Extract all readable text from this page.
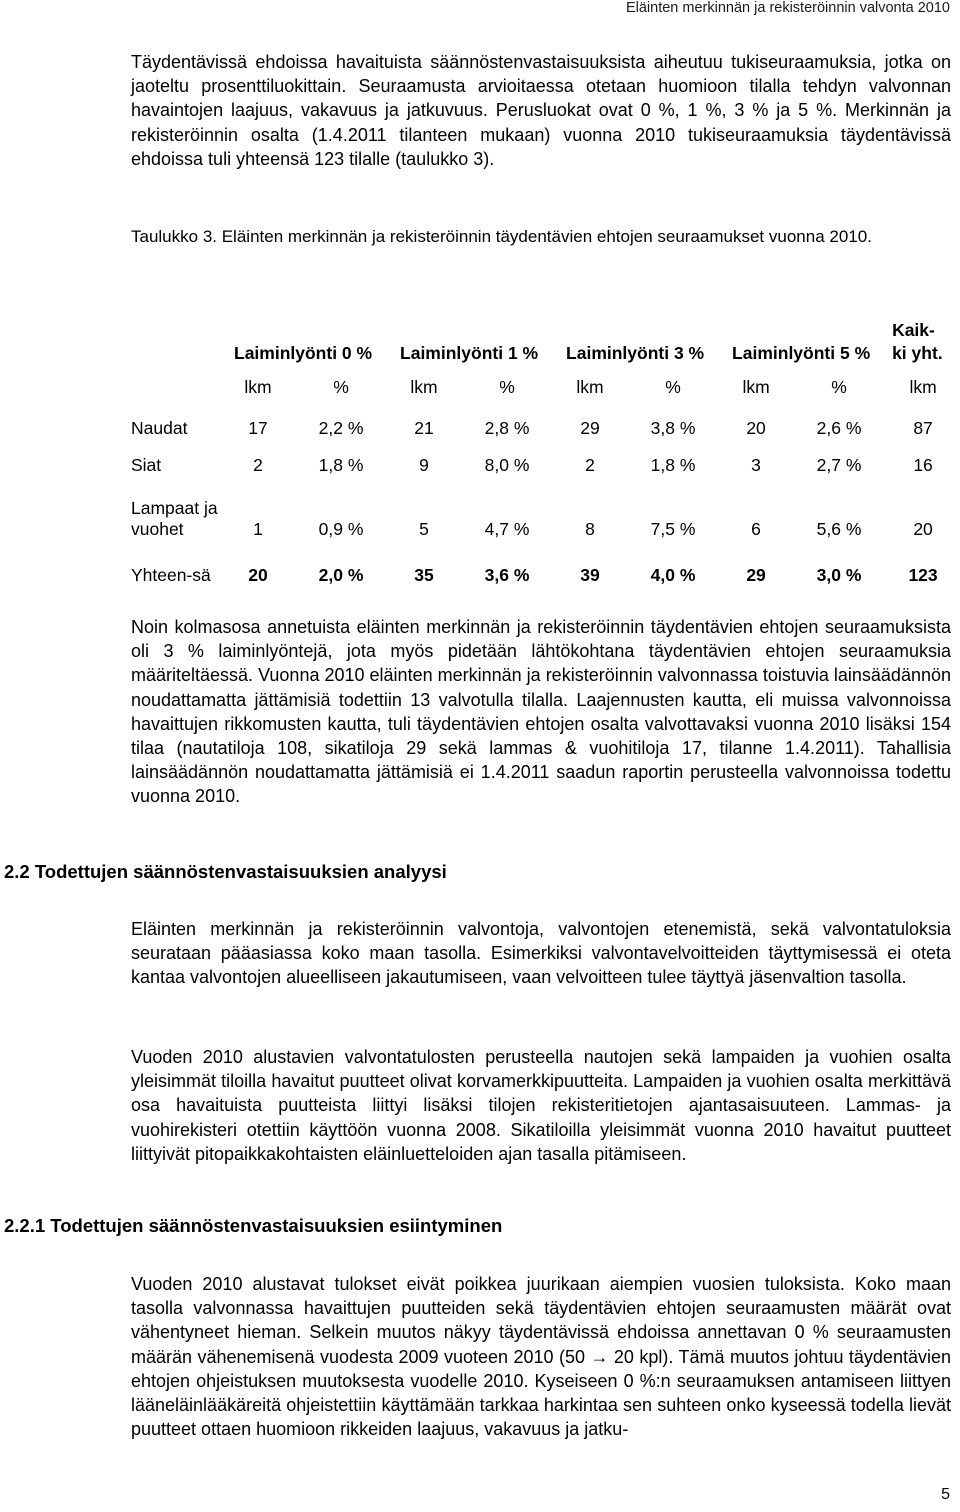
Eläinten merkinnän ja rekisteröinnin valvonta 2010

Täydentävissä ehdoissa havaituista säännöstenvastaisuuksista aiheutuu tukiseuraamuksia, jotka on jaoteltu prosenttiluokittain. Seuraamusta arvioitaessa otetaan huomioon tilalla tehdyn valvonnan havaintojen laajuus, vakavuus ja jatkuvuus. Perusluokat ovat 0 %, 1 %, 3 % ja 5 %. Merkinnän ja rekisteröinnin osalta (1.4.2011 tilanteen mukaan) vuonna 2010 tukiseuraamuksia täydentävissä ehdoissa tuli yhteensä 123 tilalle (taulukko 3).

Taulukko 3. Eläinten merkinnän ja rekisteröinnin täydentävien ehtojen seuraamukset vuonna 2010.
	Laiminlyönti 0 %		Laiminlyönti 1 %		Laiminlyönti 3 %		Laiminlyönti 5 %		Kaik-ki yht.
	lkm	%	lkm	%	lkm	%	lkm	%	lkm
Naudat	17	2,2 %	21	2,8 %	29	3,8 %	20	2,6 %	87
Siat	2	1,8 %	9	8,0 %	2	1,8 %	3	2,7 %	16
Lampaat ja vuohet	1	0,9 %	5	4,7 %	8	7,5 %	6	5,6 %	20
Yhteen-sä	20	2,0 %	35	3,6 %	39	4,0 %	29	3,0 %	123

Noin kolmasosa annetuista eläinten merkinnän ja rekisteröinnin täydentävien ehtojen seuraamuksista oli 3 % laiminlyöntejä, jota myös pidetään lähtökohtana täydentävien ehtojen seuraamuksia määriteltäessä. Vuonna 2010 eläinten merkinnän ja rekisteröinnin valvonnassa toistuvia lainsäädännön noudattamatta jättämisiä todettiin 13 valvotulla tilalla. Laajennusten kautta, eli muissa valvonnoissa havaittujen rikkomusten kautta, tuli täydentävien ehtojen osalta valvottavaksi vuonna 2010 lisäksi 154 tilaa (nautatiloja 108, sikatiloja 29 sekä lammas & vuohitiloja 17, tilanne 1.4.2011). Tahallisia lainsäädännön noudattamatta jättämisiä ei 1.4.2011 saadun raportin perusteella valvonnoissa todettu vuonna 2010.

2.2 Todettujen säännöstenvastaisuuksien analyysi

Eläinten merkinnän ja rekisteröinnin valvontoja, valvontojen etenemistä, sekä valvontatuloksia seurataan pääasiassa koko maan tasolla. Esimerkiksi valvontavelvoitteiden täyttymisessä ei oteta kantaa valvontojen alueelliseen jakautumiseen, vaan velvoitteen tulee täyttyä jäsenvaltion tasolla.

Vuoden 2010 alustavien valvontatulosten perusteella nautojen sekä lampaiden ja vuohien osalta yleisimmät tiloilla havaitut puutteet olivat korvamerkkipuutteita. Lampaiden ja vuohien osalta merkittävä osa havaituista puutteista liittyi lisäksi tilojen rekisteritietojen ajantasaisuuteen. Lammas- ja vuohirekisteri otettiin käyttöön vuonna 2008. Sikatiloilla yleisimmät vuonna 2010 havaitut puutteet liittyivät pitopaikkakohtaisten eläinluetteloiden ajan tasalla pitämiseen.

2.2.1 Todettujen säännöstenvastaisuuksien esiintyminen

Vuoden 2010 alustavat tulokset eivät poikkea juurikaan aiempien vuosien tuloksista. Koko maan tasolla valvonnassa havaittujen puutteiden sekä täydentävien ehtojen seuraamusten määrät ovat vähentyneet hieman. Selkein muutos näkyy täydentävissä ehdoissa annettavan 0 % seuraamusten määrän vähenemisenä vuodesta 2009 vuoteen 2010 (50 → 20 kpl). Tämä muutos johtuu täydentävien ehtojen ohjeistuksen muutoksesta vuodelle 2010. Kyseiseen 0 %:n seuraamuksen antamiseen liittyen lääneläinlääkäreitä ohjeistettiin käyttämään tarkkaa harkintaa sen suhteen onko kyseessä todella lievät puutteet ottaen huomioon rikkeiden laajuus, vakavuus ja jatku-

5
